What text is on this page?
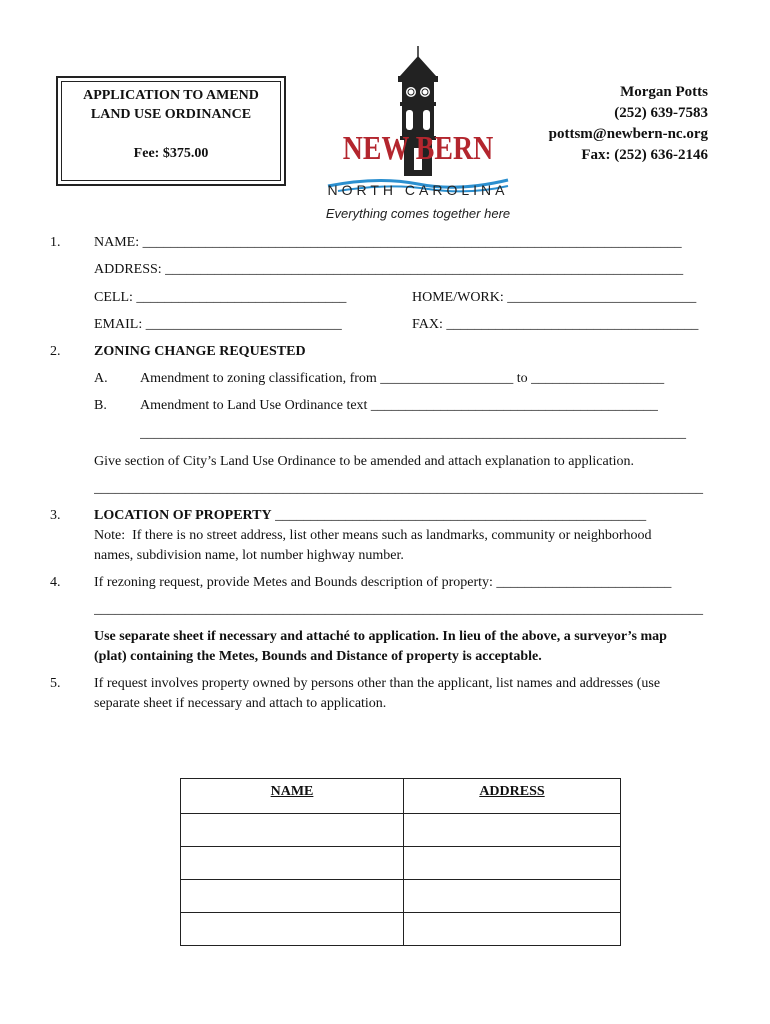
APPLICATION TO AMEND
LAND USE ORDINANCE
Fee: $375.00	NEW BERN
NORTH CAROLINA
Everything comes together here
Morgan Potts
(252) 639-7583
pottsm@newbern-nc.org
Fax: (252) 636-2146
1. NAME: _____________________________________________________________________________
ADDRESS: __________________________________________________________________________
CELL: ______________________________	HOME/WORK: ___________________________
EMAIL: ____________________________	FAX: ____________________________________
2. ZONING CHANGE REQUESTED
A. Amendment to zoning classification, from ___________________ to ___________________
B. Amendment to Land Use Ordinance text _________________________________________
______________________________________________________________________________
Give section of City’s Land Use Ordinance to be amended and attach explanation to application.
_______________________________________________________________________________________
3. LOCATION OF PROPERTY _____________________________________________________
Note:  If there is no street address, list other means such as landmarks, community or neighborhood
names, subdivision name, lot number highway number.
4. If rezoning request, provide Metes and Bounds description of property: _________________________
_______________________________________________________________________________________
Use separate sheet if necessary and attaché to application. In lieu of the above, a surveyor’s map
(plat) containing the Metes, Bounds and Distance of property is acceptable.
5. If request involves property owned by persons other than the applicant, list names and addresses (use
separate sheet if necessary and attach to application.
NAME	ADDRESS
